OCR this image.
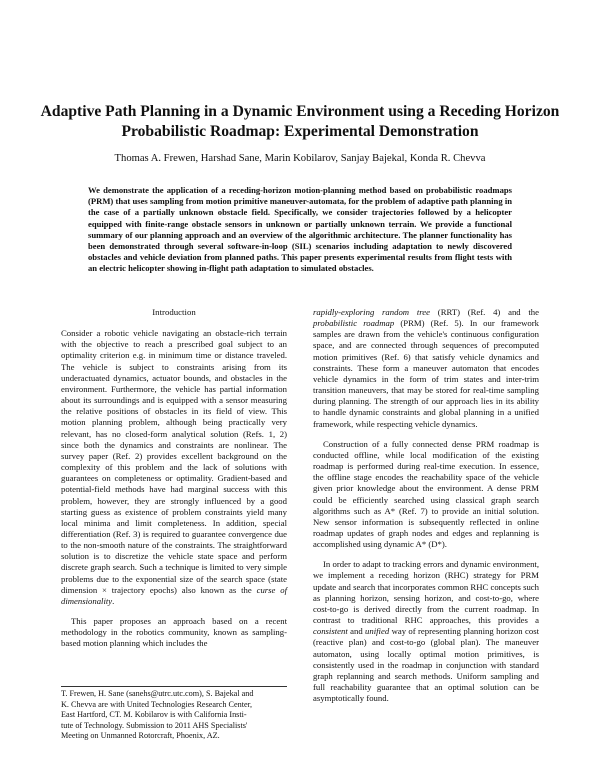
Adaptive Path Planning in a Dynamic Environment using a Receding Horizon
Probabilistic Roadmap: Experimental Demonstration
Thomas A. Frewen, Harshad Sane, Marin Kobilarov, Sanjay Bajekal, Konda R. Chevva
We demonstrate the application of a receding-horizon motion-planning method based on probabilistic roadmaps (PRM) that uses sampling from motion primitive maneuver-automata, for the problem of adaptive path planning in the case of a partially unknown obstacle field. Specifically, we consider trajectories followed by a helicopter equipped with finite-range obstacle sensors in unknown or partially unknown terrain. We provide a functional summary of our planning approach and an overview of the algorithmic architecture. The planner functionality has been demonstrated through several software-in-loop (SIL) scenarios including adaptation to newly discovered obstacles and vehicle deviation from planned paths. This paper presents experimental results from flight tests with an electric helicopter showing in-flight path adaptation to simulated obstacles.
Introduction

Consider a robotic vehicle navigating an obstacle-rich terrain with the objective to reach a prescribed goal subject to an optimality criterion e.g. in minimum time or distance traveled. The vehicle is subject to constraints arising from its underactuated dynamics, actuator bounds, and obstacles in the environment. Furthermore, the vehicle has partial information about its surroundings and is equipped with a sensor measuring the relative positions of obstacles in its field of view. This motion planning problem, although being practically very relevant, has no closed-form analytical solution (Refs. 1, 2) since both the dynamics and constraints are nonlinear. The survey paper (Ref. 2) provides excellent background on the complexity of this problem and the lack of solutions with guarantees on completeness or optimality. Gradient-based and potential-field methods have had marginal success with this problem, however, they are strongly influenced by a good starting guess as existence of problem constraints yield many local minima and limit completeness. In addition, special differentiation (Ref. 3) is required to guarantee convergence due to the non-smooth nature of the constraints. The straightforward solution is to discretize the vehicle state space and perform discrete graph search. Such a technique is limited to very simple problems due to the exponential size of the search space (state dimension × trajectory epochs) also known as the curse of dimensionality.

This paper proposes an approach based on a recent methodology in the robotics community, known as sampling-based motion planning which includes the

T. Frewen, H. Sane (sanehs@utrc.utc.com), S. Bajekal and
K. Chevva are with United Technologies Research Center,
East Hartford, CT. M. Kobilarov is with California Insti-
tute of Technology. Submission to 2011 AHS Specialists'
Meeting on Unmanned Rotorcraft, Phoenix, AZ.

rapidly-exploring random tree (RRT) (Ref. 4) and the probabilistic roadmap (PRM) (Ref. 5). In our framework samples are drawn from the vehicle's continuous configuration space, and are connected through sequences of precomputed motion primitives (Ref. 6) that satisfy vehicle dynamics and constraints. These form a maneuver automaton that encodes vehicle dynamics in the form of trim states and inter-trim transition maneuvers, that may be stored for real-time sampling during planning. The strength of our approach lies in its ability to handle dynamic constraints and global planning in a unified framework, while respecting vehicle dynamics.

Construction of a fully connected dense PRM roadmap is conducted offline, while local modification of the existing roadmap is performed during real-time execution. In essence, the offline stage encodes the reachability space of the vehicle given prior knowledge about the environment. A dense PRM could be efficiently searched using classical graph search algorithms such as A* (Ref. 7) to provide an initial solution. New sensor information is subsequently reflected in online roadmap updates of graph nodes and edges and replanning is accomplished using dynamic A* (D*).

In order to adapt to tracking errors and dynamic environment, we implement a receding horizon (RHC) strategy for PRM update and search that incorporates common RHC concepts such as planning horizon, sensing horizon, and cost-to-go, where cost-to-go is derived directly from the current roadmap. In contrast to traditional RHC approaches, this provides a consistent and unified way of representing planning horizon cost (reactive plan) and cost-to-go (global plan). The maneuver automaton, using locally optimal motion primitives, is consistently used in the roadmap in conjunction with standard graph replanning and search methods. Uniform sampling and full reachability guarantee that an optimal solution can be asymptotically found.
